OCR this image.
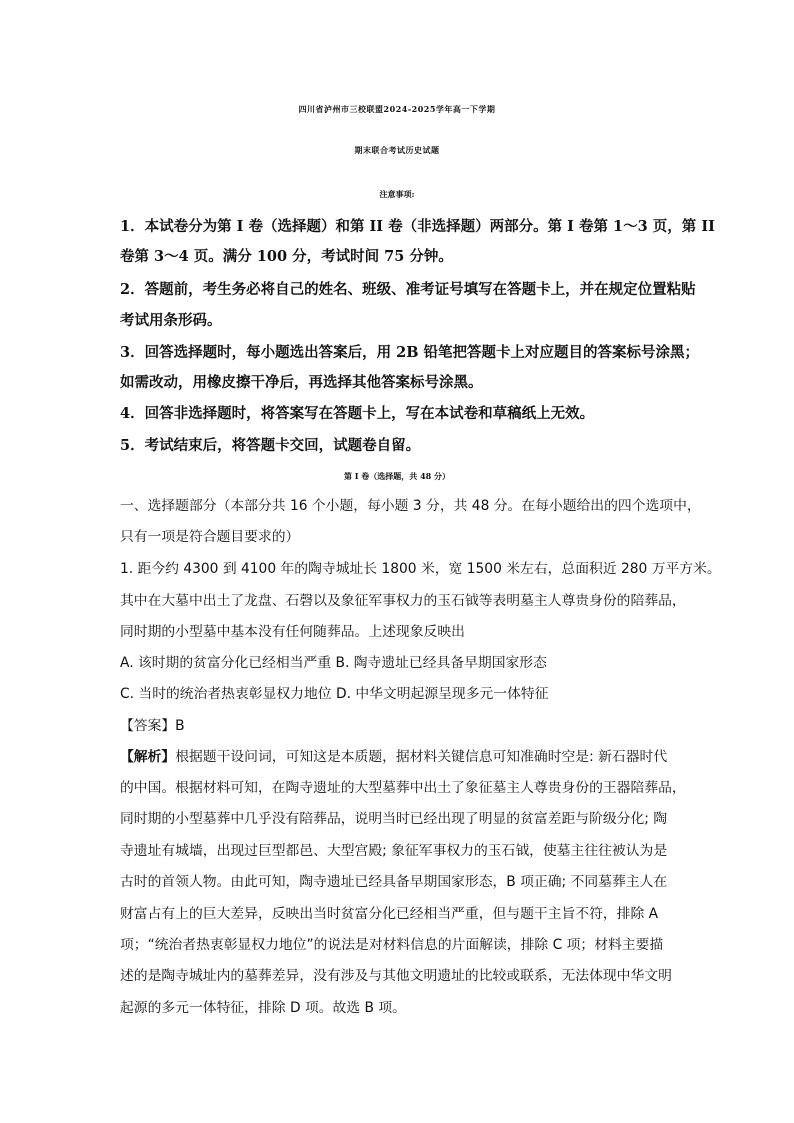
四川省泸州市三校联盟2024-2025学年高一下学期
期末联合考试历史试题
注意事项:
1．本试卷分为第 I 卷（选择题）和第 II 卷（非选择题）两部分。第 I 卷第 1～3 页，第 II
卷第 3～4 页。满分 100 分，考试时间 75 分钟。
2．答题前，考生务必将自己的姓名、班级、准考证号填写在答题卡上，并在规定位置粘贴
考试用条形码。
3．回答选择题时，每小题选出答案后，用 2B 铅笔把答题卡上对应题目的答案标号涂黑；
如需改动，用橡皮擦干净后，再选择其他答案标号涂黑。
4．回答非选择题时，将答案写在答题卡上，写在本试卷和草稿纸上无效。
5．考试结束后，将答题卡交回，试题卷自留。
第 I 卷（选择题，共 48 分）
一、选择题部分（本部分共 16 个小题，每小题 3 分，共 48 分。在每小题给出的四个选项中，
只有一项是符合题目要求的）
1. 距今约 4300 到 4100 年的陶寺城址长 1800 米，宽 1500 米左右，总面积近 280 万平方米。
其中在大墓中出土了龙盘、石磬以及象征军事权力的玉石钺等表明墓主人尊贵身份的陪葬品，
同时期的小型墓中基本没有任何随葬品。上述现象反映出
A. 该时期的贫富分化已经相当严重 B. 陶寺遗址已经具备早期国家形态
C. 当时的统治者热衷彰显权力地位 D. 中华文明起源呈现多元一体特征
【答案】B
【解析】根据题干设问词，可知这是本质题，据材料关键信息可知准确时空是: 新石器时代
的中国。根据材料可知，在陶寺遗址的大型墓葬中出土了象征墓主人尊贵身份的王器陪葬品，
同时期的小型墓葬中几乎没有陪葬品，说明当时已经出现了明显的贫富差距与阶级分化; 陶
寺遗址有城墙，出现过巨型都邑、大型宫殿; 象征军事权力的玉石钺，使墓主往往被认为是
古时的首领人物。由此可知，陶寺遗址已经具备早期国家形态，B 项正确; 不同墓葬主人在
财富占有上的巨大差异，反映出当时贫富分化已经相当严重，但与题干主旨不符，排除 A
项；“统治者热衷彰显权力地位”的说法是对材料信息的片面解读，排除 C 项；材料主要描
述的是陶寺城址内的墓葬差异，没有涉及与其他文明遗址的比较或联系，无法体现中华文明
起源的多元一体特征，排除 D 项。故选 B 项。
